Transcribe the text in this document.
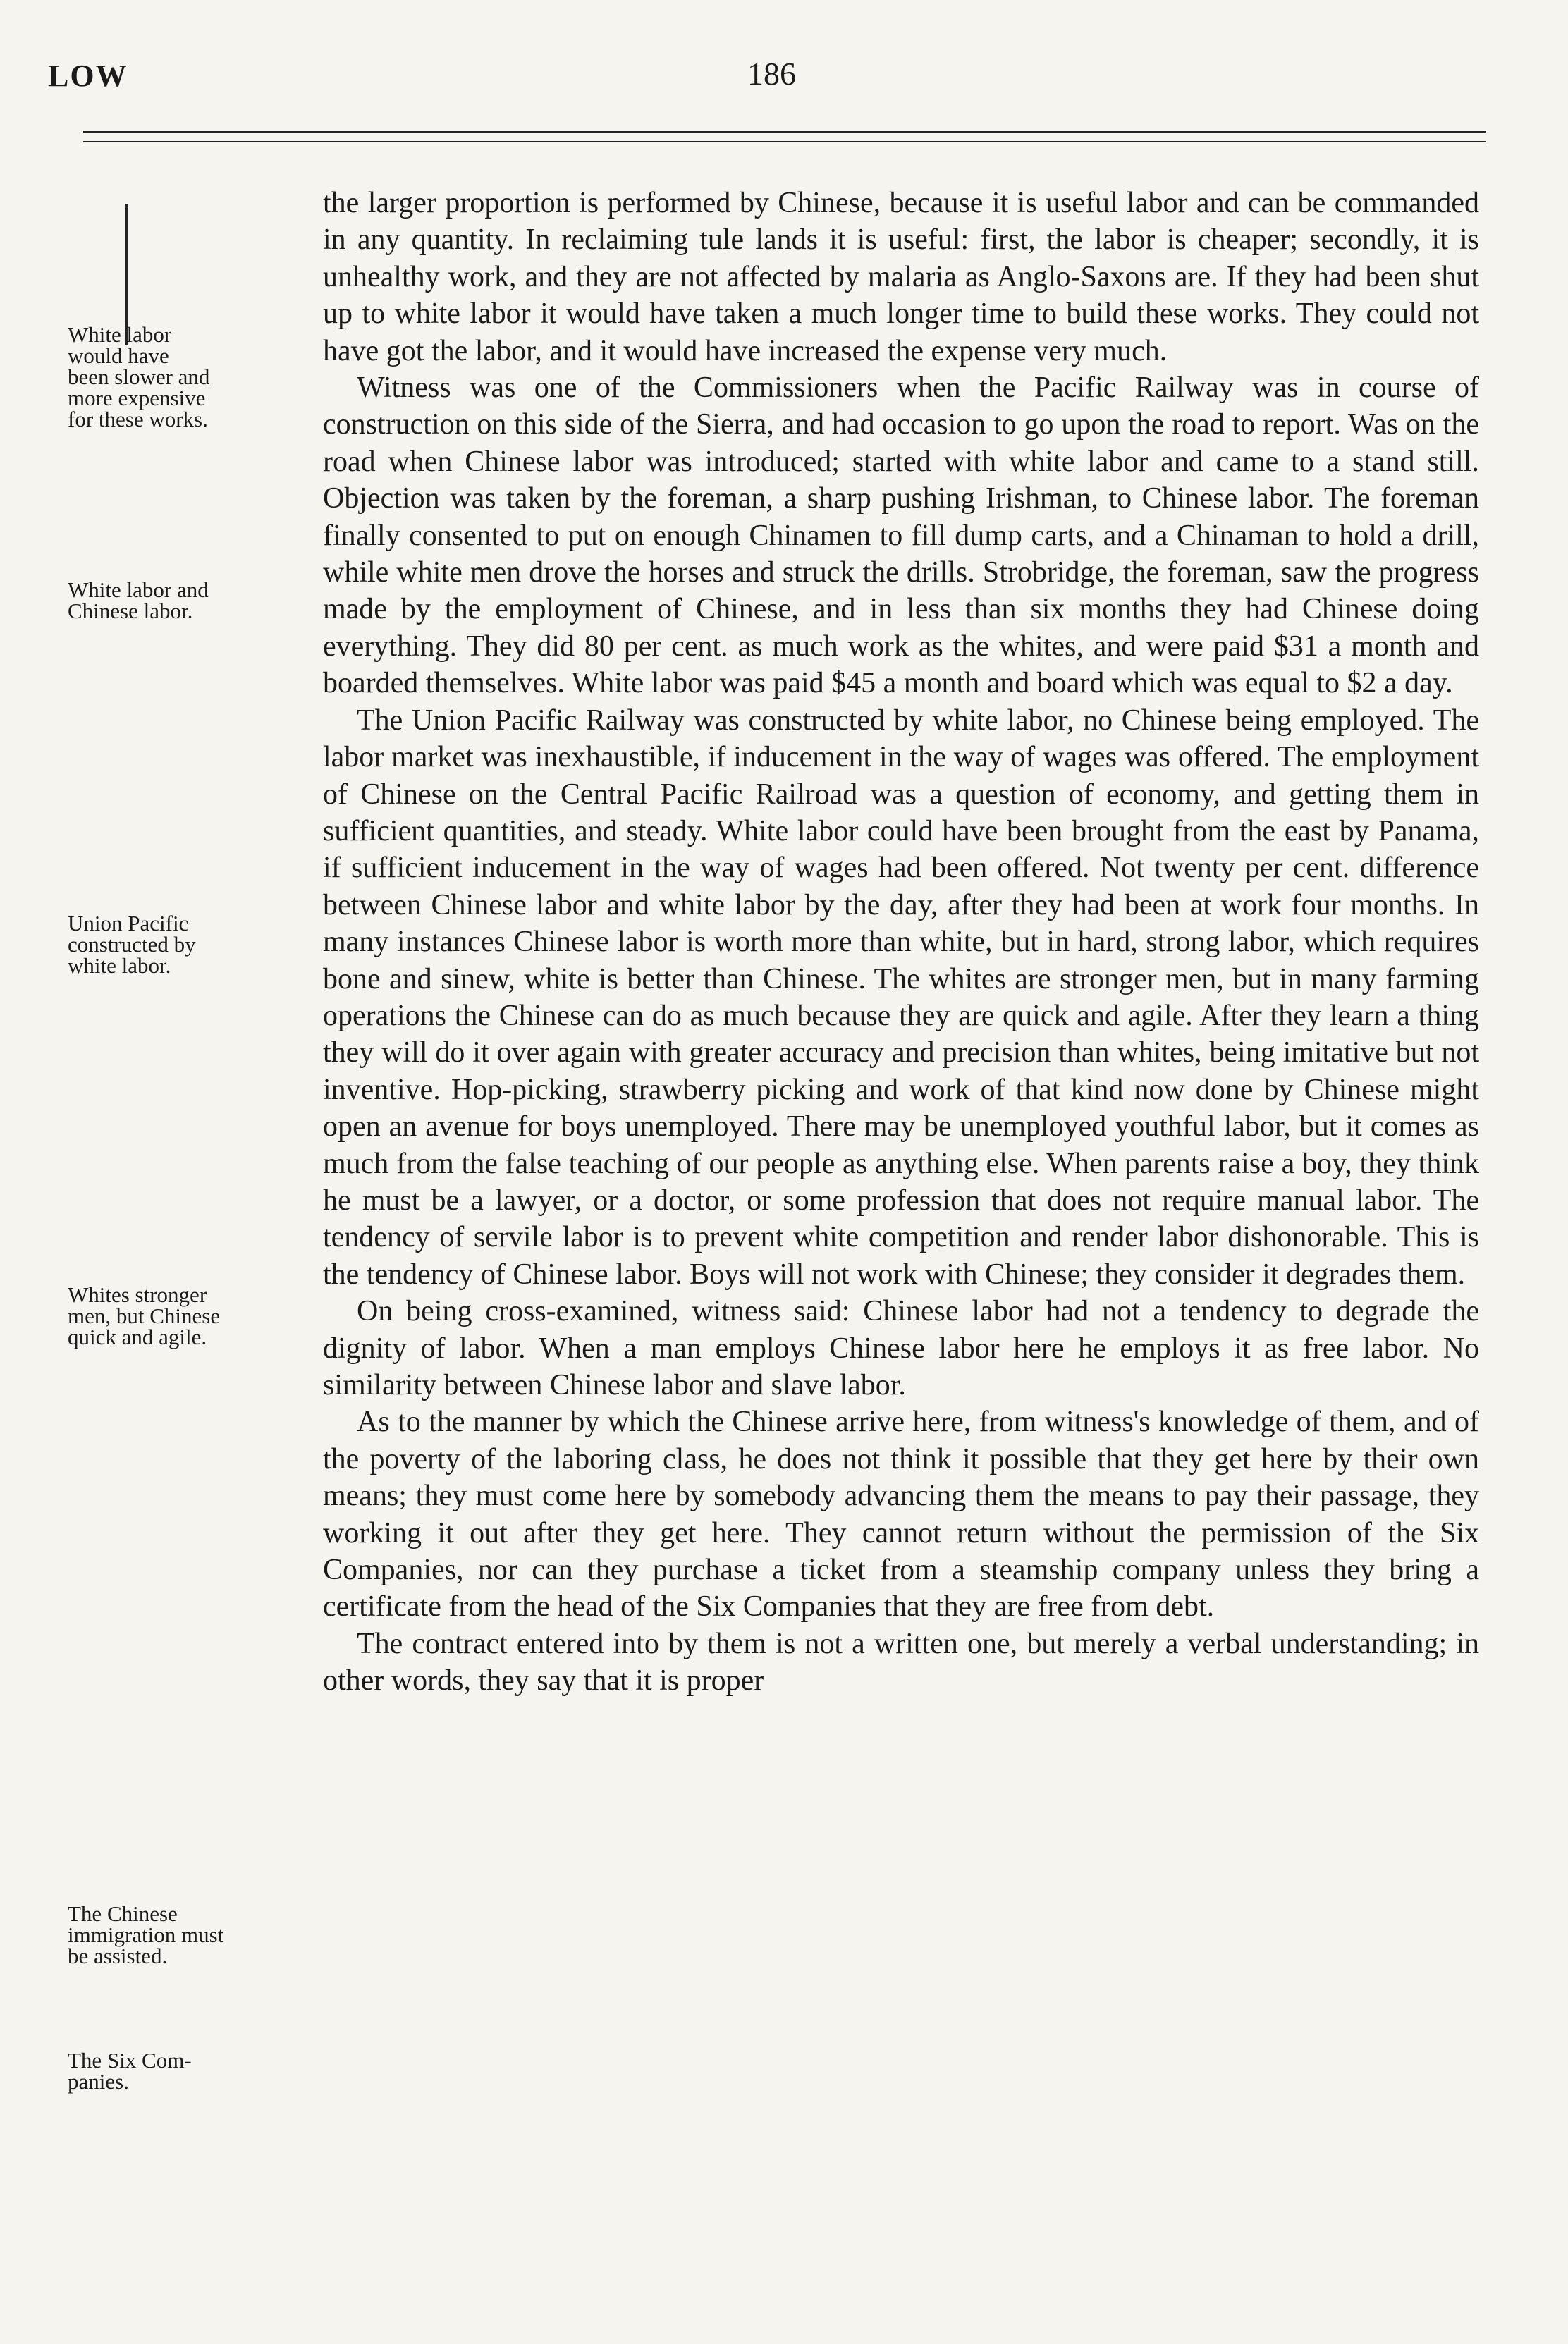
LOW	186
White labor
would have
been slower and
more expensive
for these works.
White labor and
Chinese labor.
Union Pacific
constructed by
white labor.
Whites stronger
men, but Chinese
quick and agile.
The Chinese
immigration must
be assisted.
The Six Com-
panies.

the larger proportion is performed by Chinese, because it is useful labor and can be commanded in any quantity. In reclaiming tule lands it is useful: first, the labor is cheaper; secondly, it is unhealthy work, and they are not affected by malaria as Anglo-Saxons are. If they had been shut up to white labor it would have taken a much longer time to build these works. They could not have got the labor, and it would have increased the expense very much.

Witness was one of the Commissioners when the Pacific Railway was in course of construction on this side of the Sierra, and had occasion to go upon the road to report. Was on the road when Chinese labor was introduced; started with white labor and came to a stand still. Objection was taken by the foreman, a sharp pushing Irishman, to Chinese labor. The foreman finally consented to put on enough Chinamen to fill dump carts, and a Chinaman to hold a drill, while white men drove the horses and struck the drills. Strobridge, the foreman, saw the progress made by the employment of Chinese, and in less than six months they had Chinese doing everything. They did 80 per cent. as much work as the whites, and were paid $31 a month and boarded themselves. White labor was paid $45 a month and board which was equal to $2 a day.

The Union Pacific Railway was constructed by white labor, no Chinese being employed. The labor market was inexhaustible, if inducement in the way of wages was offered. The employment of Chinese on the Central Pacific Railroad was a question of economy, and getting them in sufficient quantities, and steady. White labor could have been brought from the east by Panama, if sufficient inducement in the way of wages had been offered. Not twenty per cent. difference between Chinese labor and white labor by the day, after they had been at work four months. In many instances Chinese labor is worth more than white, but in hard, strong labor, which requires bone and sinew, white is better than Chinese. The whites are stronger men, but in many farming operations the Chinese can do as much because they are quick and agile. After they learn a thing they will do it over again with greater accuracy and precision than whites, being imitative but not inventive. Hop-picking, strawberry picking and work of that kind now done by Chinese might open an avenue for boys unemployed. There may be unemployed youthful labor, but it comes as much from the false teaching of our people as anything else. When parents raise a boy, they think he must be a lawyer, or a doctor, or some profession that does not require manual labor. The tendency of servile labor is to prevent white competition and render labor dishonorable. This is the tendency of Chinese labor. Boys will not work with Chinese; they consider it degrades them.

On being cross-examined, witness said: Chinese labor had not a tendency to degrade the dignity of labor. When a man employs Chinese labor here he employs it as free labor. No similarity between Chinese labor and slave labor.

As to the manner by which the Chinese arrive here, from witness's knowledge of them, and of the poverty of the laboring class, he does not think it possible that they get here by their own means; they must come here by somebody advancing them the means to pay their passage, they working it out after they get here. They cannot return without the permission of the Six Companies, nor can they purchase a ticket from a steamship company unless they bring a certificate from the head of the Six Companies that they are free from debt.

The contract entered into by them is not a written one, but merely a verbal understanding; in other words, they say that it is proper
